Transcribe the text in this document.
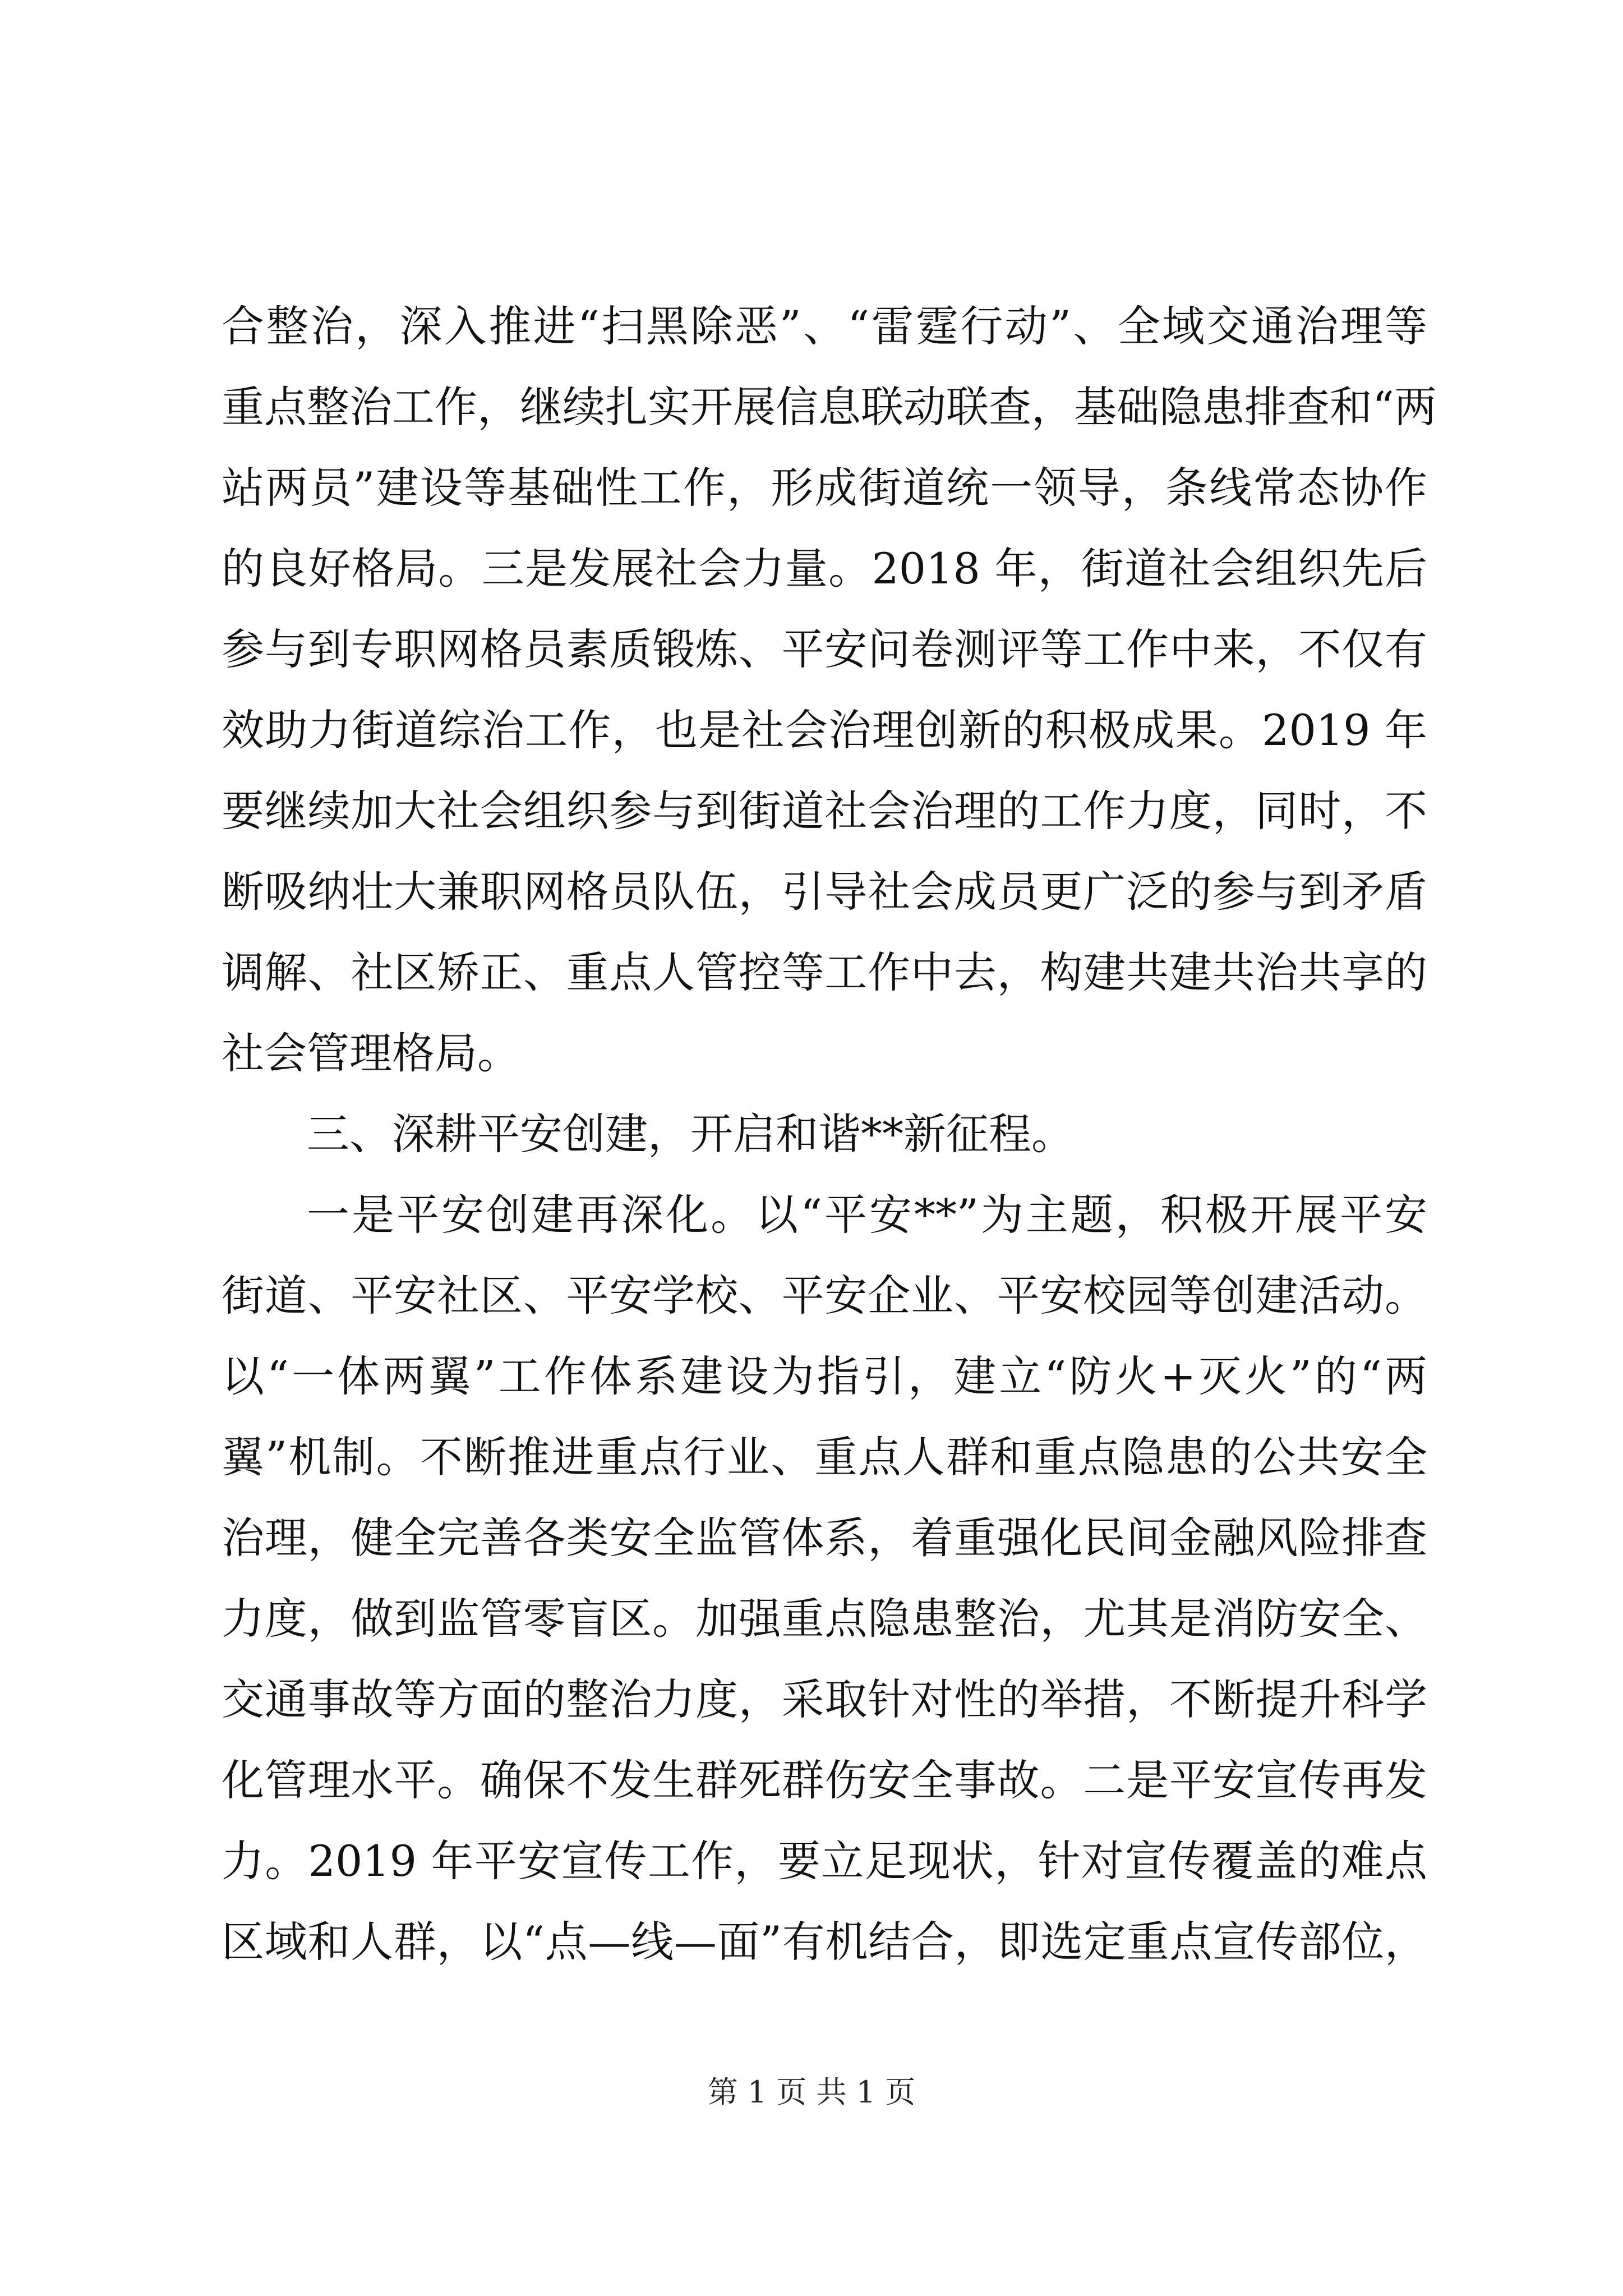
合整治，深入推进“扫黑除恶”、“雷霆行动”、全域交通治理等
重点整治工作，继续扎实开展信息联动联查，基础隐患排查和“两
站两员”建设等基础性工作，形成街道统一领导，条线常态协作
的良好格局。三是发展社会力量。2018 年，街道社会组织先后
参与到专职网格员素质锻炼、平安问卷测评等工作中来，不仅有
效助力街道综治工作，也是社会治理创新的积极成果。2019 年
要继续加大社会组织参与到街道社会治理的工作力度，同时，不
断吸纳壮大兼职网格员队伍，引导社会成员更广泛的参与到矛盾
调解、社区矫正、重点人管控等工作中去，构建共建共治共享的
社会管理格局。
三、深耕平安创建，开启和谐**新征程。
一是平安创建再深化。以“平安**”为主题，积极开展平安
街道、平安社区、平安学校、平安企业、平安校园等创建活动。
以“一体两翼”工作体系建设为指引，建立“防火+灭火”的“两
翼”机制。不断推进重点行业、重点人群和重点隐患的公共安全
治理，健全完善各类安全监管体系，着重强化民间金融风险排查
力度，做到监管零盲区。加强重点隐患整治，尤其是消防安全、
交通事故等方面的整治力度，采取针对性的举措，不断提升科学
化管理水平。确保不发生群死群伤安全事故。二是平安宣传再发
力。2019 年平安宣传工作，要立足现状，针对宣传覆盖的难点
区域和人群，以“点—线—面”有机结合，即选定重点宣传部位，
第 1 页 共 1 页
